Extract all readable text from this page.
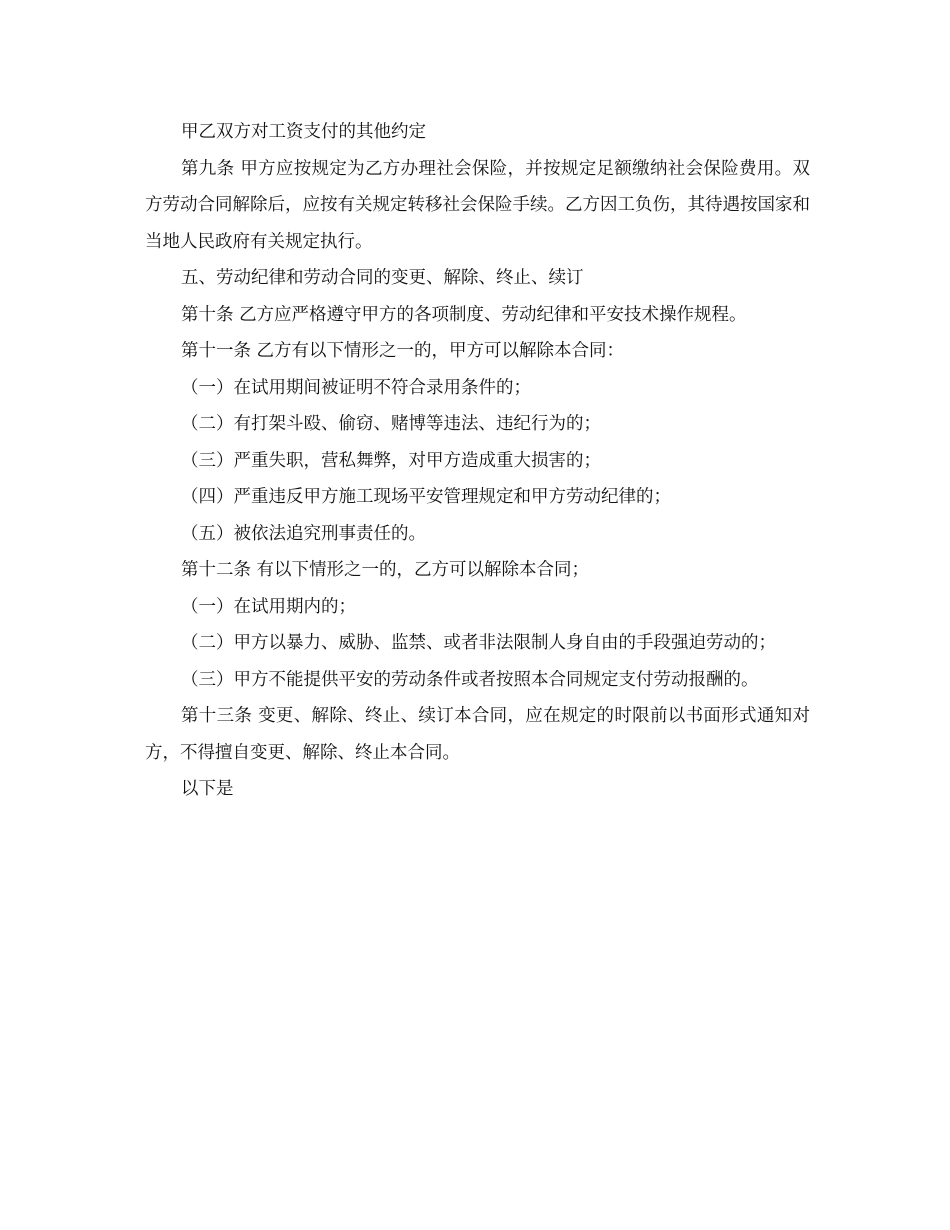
甲乙双方对工资支付的其他约定

第九条 甲方应按规定为乙方办理社会保险，并按规定足额缴纳社会保险费用。双方劳动合同解除后，应按有关规定转移社会保险手续。乙方因工负伤，其待遇按国家和当地人民政府有关规定执行。

五、劳动纪律和劳动合同的变更、解除、终止、续订

第十条 乙方应严格遵守甲方的各项制度、劳动纪律和平安技术操作规程。

第十一条 乙方有以下情形之一的，甲方可以解除本合同：

（一）在试用期间被证明不符合录用条件的；

（二）有打架斗殴、偷窃、赌博等违法、违纪行为的；

（三）严重失职，营私舞弊，对甲方造成重大损害的；

（四）严重违反甲方施工现场平安管理规定和甲方劳动纪律的；

（五）被依法追究刑事责任的。

第十二条 有以下情形之一的，乙方可以解除本合同；

（一）在试用期内的；

（二）甲方以暴力、威胁、监禁、或者非法限制人身自由的手段强迫劳动的；

（三）甲方不能提供平安的劳动条件或者按照本合同规定支付劳动报酬的。

第十三条 变更、解除、终止、续订本合同，应在规定的时限前以书面形式通知对方，不得擅自变更、解除、终止本合同。

以下是
